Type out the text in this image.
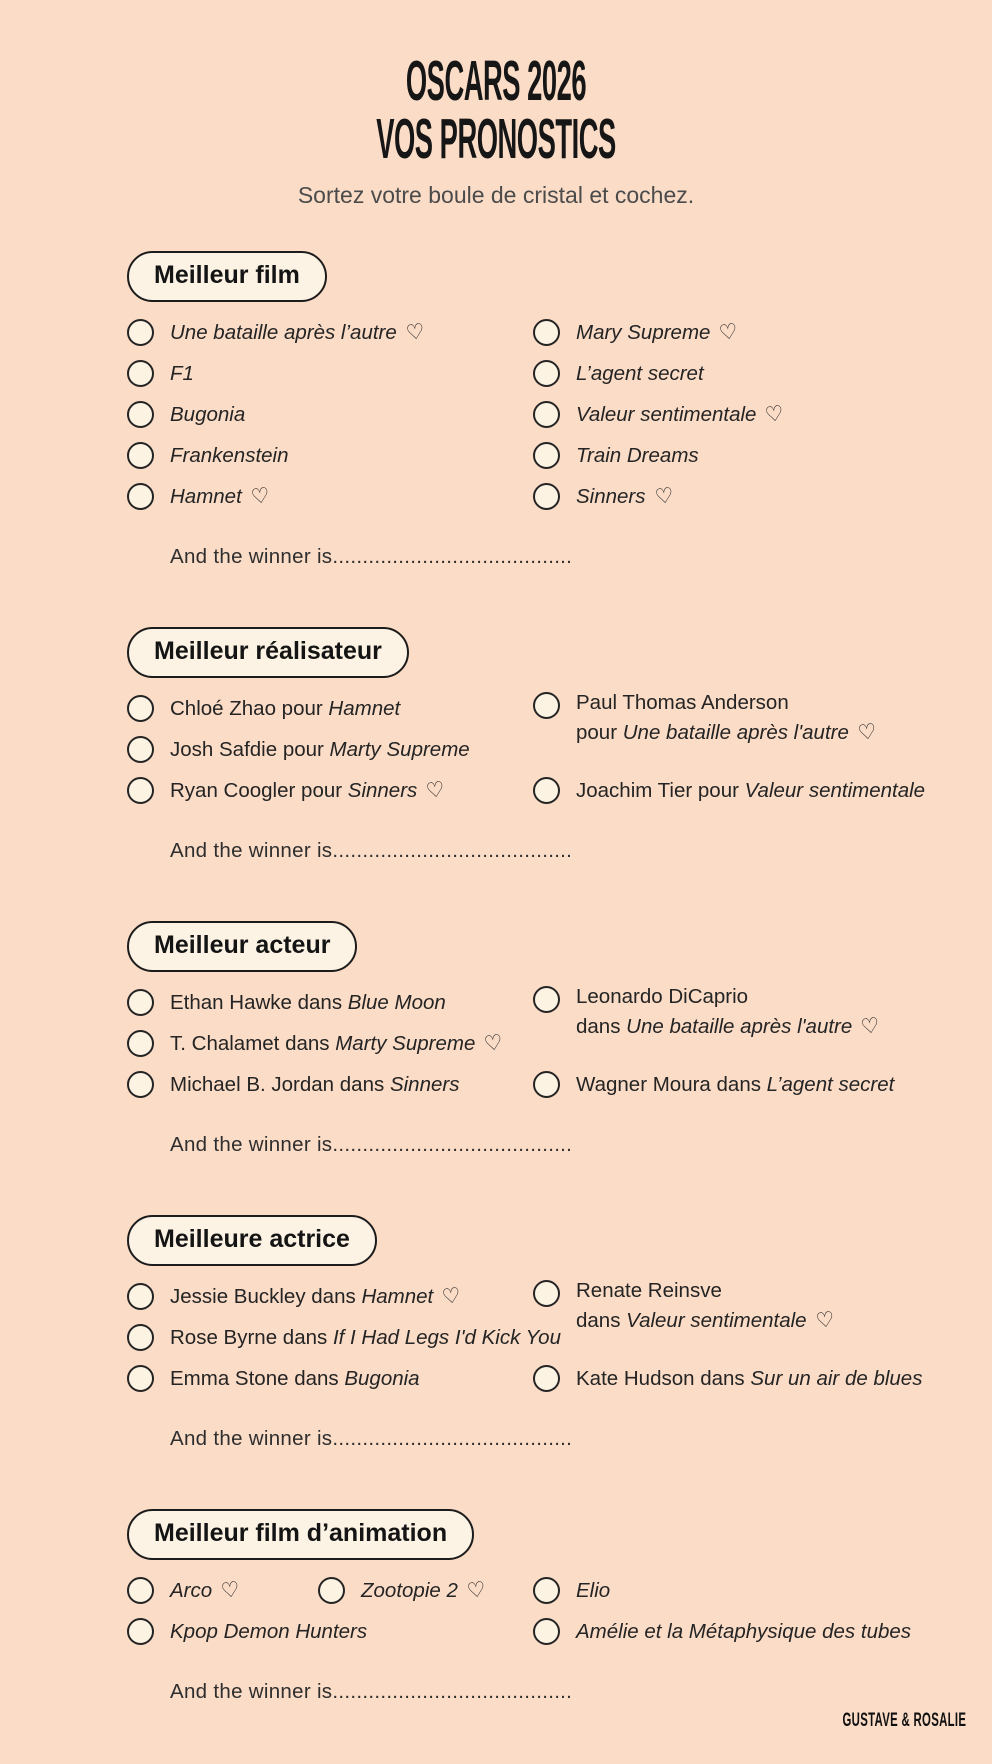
OSCARS 2026
VOS PRONOSTICS
Sortez votre boule de cristal et cochez.
Meilleur film
Une bataille après l’autre ♡
F1
Bugonia
Frankenstein
Hamnet ♡
Mary Supreme ♡
L’agent secret
Valeur sentimentale ♡
Train Dreams
Sinners ♡
And the winner is........................................
Meilleur réalisateur
Chloé Zhao pour Hamnet
Josh Safdie pour Marty Supreme
Ryan Coogler pour Sinners ♡
Paul Thomas Anderson
pour Une bataille après l'autre ♡
Joachim Tier pour Valeur sentimentale
And the winner is........................................
Meilleur acteur
Ethan Hawke dans Blue Moon
T. Chalamet dans Marty Supreme ♡
Michael B. Jordan dans Sinners
Leonardo DiCaprio
dans Une bataille après l'autre ♡
Wagner Moura dans L’agent secret
And the winner is........................................
Meilleure actrice
Jessie Buckley dans Hamnet ♡
Rose Byrne dans If I Had Legs I'd Kick You
Emma Stone dans Bugonia
Renate Reinsve
dans Valeur sentimentale ♡
Kate Hudson dans Sur un air de blues
And the winner is........................................
Meilleur film d’animation
Arco ♡
Kpop Demon Hunters
Zootopie 2 ♡	Elio
Amélie et la Métaphysique des tubes
And the winner is........................................
GUSTAVE & ROSALIE
